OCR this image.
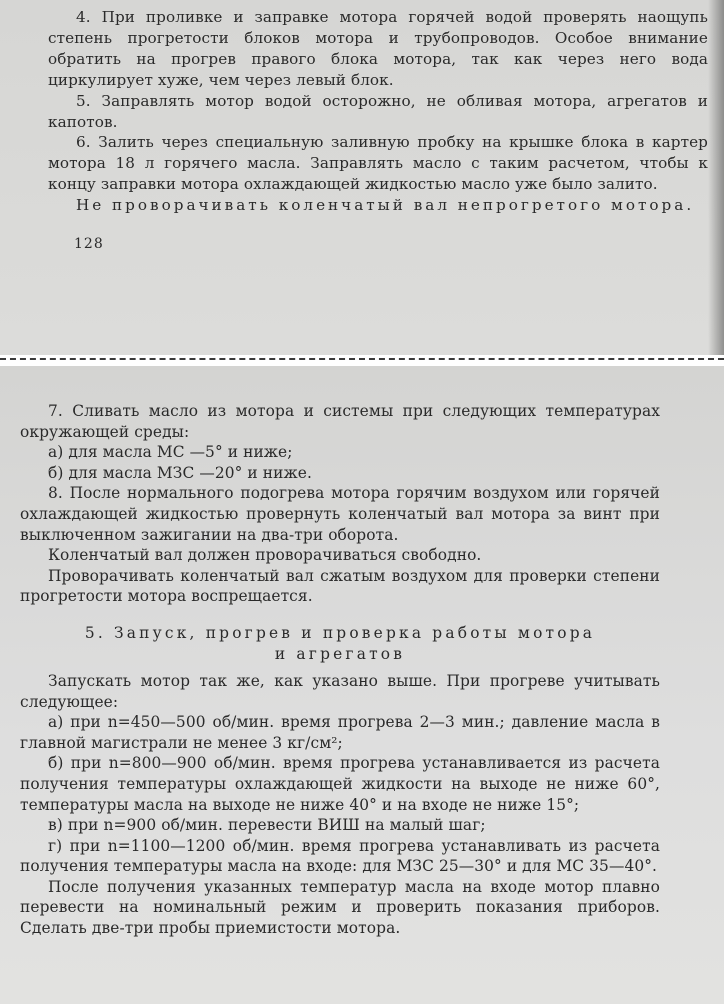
4. При проливке и заправке мотора горячей водой проверять наощупь степень прогретости блоков мотора и трубопроводов. Особое внимание обратить на прогрев правого блока мотора, так как через него вода циркулирует хуже, чем через левый блок.

5. Заправлять мотор водой осторожно, не обливая мотора, агрегатов и капотов.

6. Залить через специальную заливную пробку на крышке блока в картер мотора 18 л горячего масла. Заправлять масло с таким расчетом, чтобы к концу заправки мотора охлаждающей жидкостью масло уже было залито.

Не проворачивать коленчатый вал непрогретого мотора.

128

7. Сливать масло из мотора и системы при следующих температурах окружающей среды:

а) для масла МС —5° и ниже;

б) для масла МЗС —20° и ниже.

8. После нормального подогрева мотора горячим воздухом или горячей охлаждающей жидкостью провернуть коленчатый вал мотора за винт при выключенном зажигании на два-три оборота.

Коленчатый вал должен проворачиваться свободно.

Проворачивать коленчатый вал сжатым воздухом для проверки степени прогретости мотора воспрещается.

5. Запуск, прогрев и проверка работы мотора
и агрегатов

Запускать мотор так же, как указано выше. При прогреве учитывать следующее:

а) при n=450—500 об/мин. время прогрева 2—3 мин.; давление масла в главной магистрали не менее 3 кг/см²;

б) при n=800—900 об/мин. время прогрева устанавливается из расчета получения температуры охлаждающей жидкости на выходе не ниже 60°, температуры масла на выходе не ниже 40° и на входе не ниже 15°;

в) при n=900 об/мин. перевести ВИШ на малый шаг;

г) при n=1100—1200 об/мин. время прогрева устанавливать из расчета получения температуры масла на входе: для МЗС 25—30° и для МС 35—40°.

После получения указанных температур масла на входе мотор плавно перевести на номинальный режим и проверить показания приборов. Сделать две-три пробы приемистости мотора.
